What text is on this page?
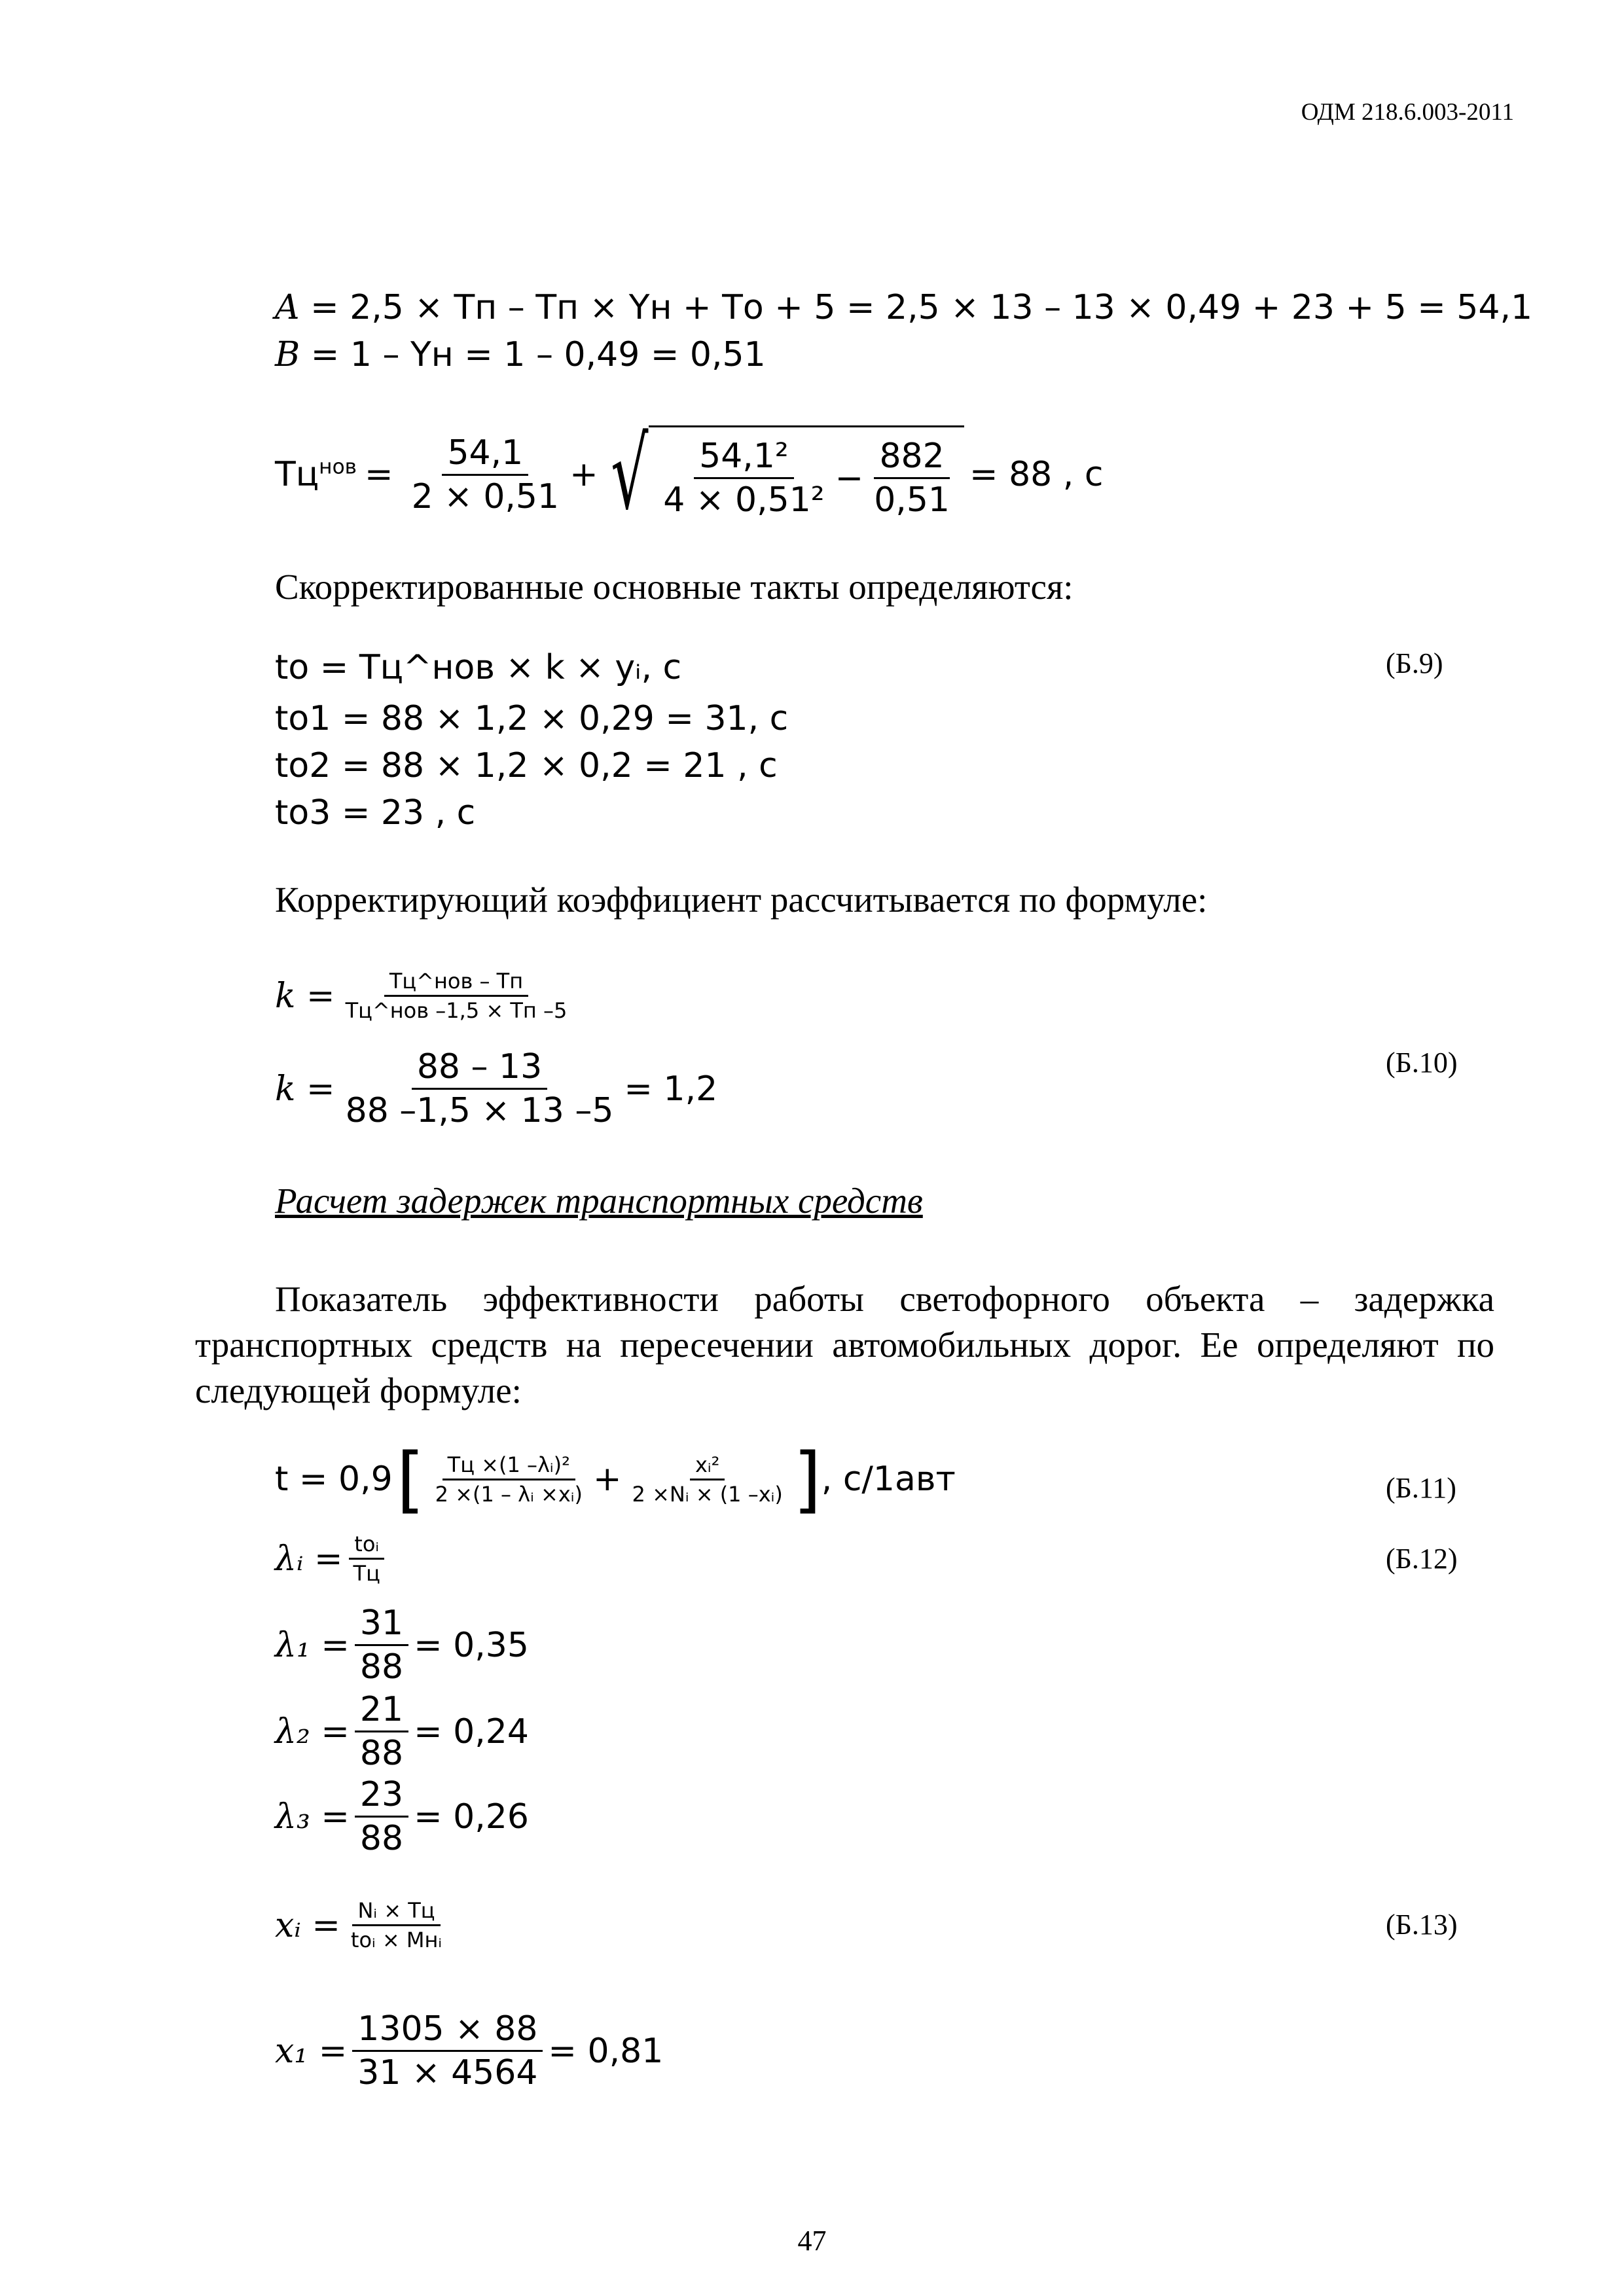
ОДМ 218.6.003-2011
A = 2,5 × Tп – Tп × Yн + Tо + 5 = 2,5 × 13 – 13 × 0,49 + 23 + 5 = 54,1
B = 1 – Yн = 1 – 0,49 = 0,51
$Tц^{нов} = \frac{54,1}{2 \times 0,51}$ + √ $\frac{\text{54,1²}}{\text{4 × 0,51²}} - \frac{882}{0,51} = 88$ , c
Скорректированные основные такты определяются:
tо = Tц^нов × k × yᵢ, c	(Б.9)
tо1 = 88 × 1,2 × 0,29 = 31, c
tо2 = 88 × 1,2 × 0,2 = 21 , c
tо3 = 23 , c
Корректирующий коэффициент рассчитывается по формуле:
$k = \frac{\text{Tц\textasciicircum{}нов – Tп}}{\text{Tц\textasciicircum{}нов –1,5 × Tп –5}}$
$k = \frac{88 - 13}{88 -1,5 \times 13 -5} = 1,2$
(Б.10)
Расчет задержек транспортных средств
Показатель эффективности работы светофорного объекта – задержка транспортных средств на пересечении автомобильных дорог. Ее определяют по следующей формуле:
t = 0,9 [ $\frac{\text{Tц ×(1 –λᵢ)²}}{\text{2 ×(1 – λᵢ ×xᵢ)}} + \frac{\text{xᵢ²}}{\text{2 ×Nᵢ × (1 –xᵢ)}}$ ] , c/1авт	(Б.11)
λᵢ = $\frac{\text{tоᵢ}}{Tц}$	(Б.12)
$\lambda_1 = \frac{31}{88} = 0,35$
$\lambda_2 = \frac{21}{88} = 0,24$
$\lambda_3 = \frac{23}{88} = 0,26$
xᵢ = $\frac{\text{Nᵢ × Tц}}{\text{tоᵢ × Mнᵢ}}$	(Б.13)
$x_1 = \frac{1305 \times 88}{31 \times 4564} = 0,81$
47
